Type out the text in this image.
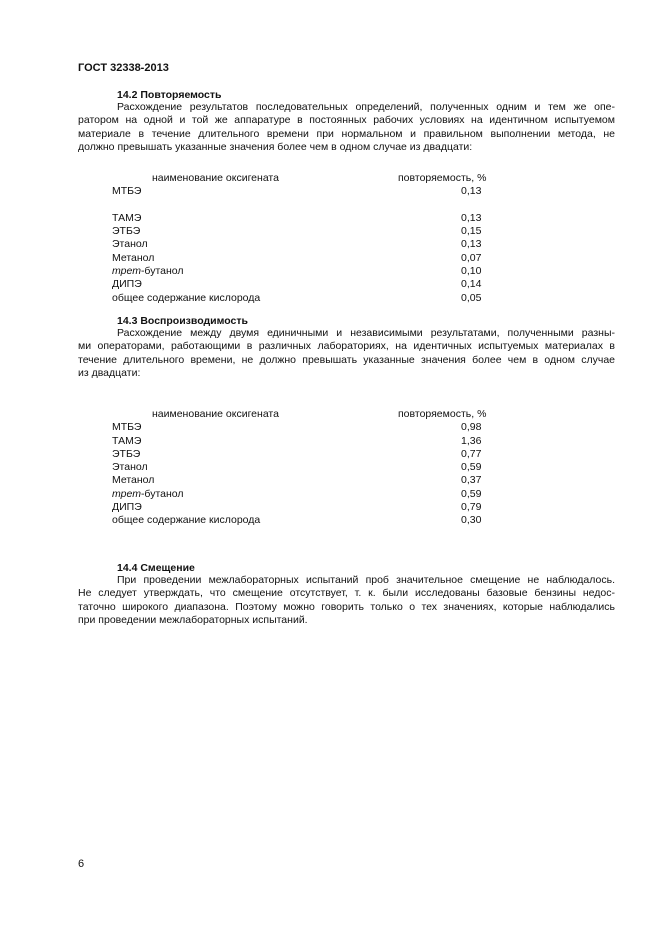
ГОСТ 32338-2013
14.2 Повторяемость
Расхождение результатов последовательных определений, полученных одним и тем же опе-
ратором на одной и той же аппаратуре в постоянных рабочих условиях на идентичном испытуемом
материале в течение длительного времени при нормальном и правильном выполнении метода, не
должно превышать указанные значения более чем в одном случае из двадцати:
наименование оксигената	повторяемость, %
МТБЭ	0,13
ТАМЭ	0,13
ЭТБЭ	0,15
Этанол	0,13
Метанол	0,07
трет-бутанол	0,10
ДИПЭ	0,14
общее содержание кислорода	0,05
14.3 Воспроизводимость
Расхождение между двумя единичными и независимыми результатами, полученными разны-
ми операторами, работающими в различных лабораториях, на идентичных испытуемых материалах в
течение длительного времени, не должно превышать указанные значения более чем в одном случае
из двадцати:
наименование оксигената	повторяемость, %
МТБЭ	0,98
ТАМЭ	1,36
ЭТБЭ	0,77
Этанол	0,59
Метанол	0,37
трет-бутанол	0,59
ДИПЭ	0,79
общее содержание кислорода	0,30
14.4 Смещение
При проведении межлабораторных испытаний проб значительное смещение не наблюдалось.
Не следует утверждать, что смещение отсутствует, т. к. были исследованы базовые бензины недос-
таточно широкого диапазона. Поэтому можно говорить только о тех значениях, которые наблюдались
при проведении межлабораторных испытаний.
6
